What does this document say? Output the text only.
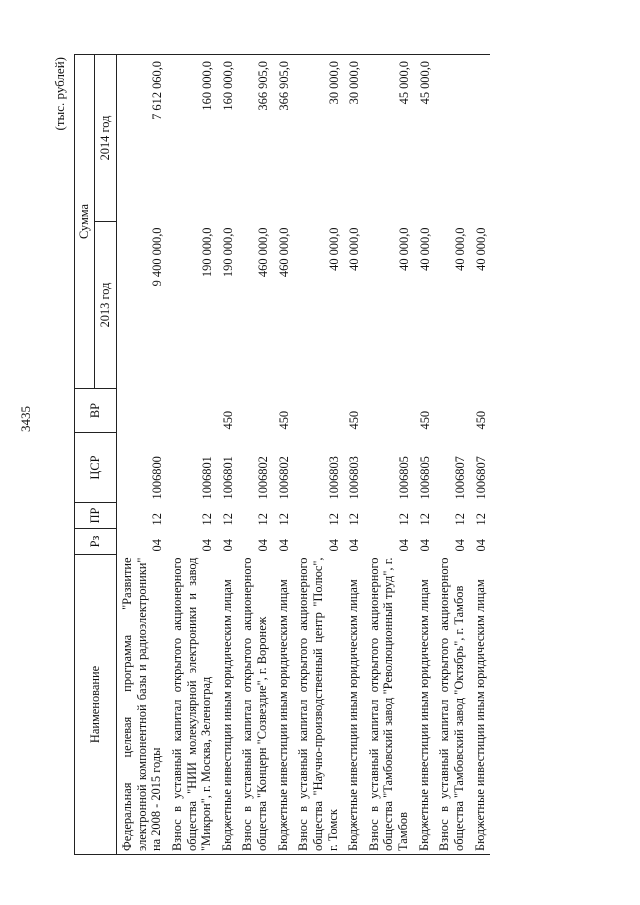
3435
(тыс. рублей)
Наименование	Рз	ПР	ЦСР	ВР	Сумма	
					2013 год	2014 год
Федеральная целевая программа "Развитие электронной компонентной базы и радиоэлектроники" на 2008 - 2015 годы	04	12	1006800		9 400 000,0	7 612 060,0
Взнос в уставный капитал открытого акционерного общества "НИИ молекулярной электроники и завод "Микрон", г. Москва, Зеленоград	04	12	1006801		190 000,0	160 000,0
Бюджетные инвестиции иным юридическим лицам	04	12	1006801	450	190 000,0	160 000,0
Взнос в уставный капитал открытого акционерного общества "Концерн "Созвездие", г. Воронеж	04	12	1006802		460 000,0	366 905,0
Бюджетные инвестиции иным юридическим лицам	04	12	1006802	450	460 000,0	366 905,0
Взнос в уставный капитал открытого акционерного общества "Научно-производственный центр "Полюс", г. Томск	04	12	1006803		40 000,0	30 000,0
Бюджетные инвестиции иным юридическим лицам	04	12	1006803	450	40 000,0	30 000,0
Взнос в уставный капитал открытого акционерного общества "Тамбовский завод "Революционный труд", г. Тамбов	04	12	1006805		40 000,0	45 000,0
Бюджетные инвестиции иным юридическим лицам	04	12	1006805	450	40 000,0	45 000,0
Взнос в уставный капитал открытого акционерного общества "Тамбовский завод "Октябрь", г. Тамбов	04	12	1006807		40 000,0	
Бюджетные инвестиции иным юридическим лицам	04	12	1006807	450	40 000,0	
